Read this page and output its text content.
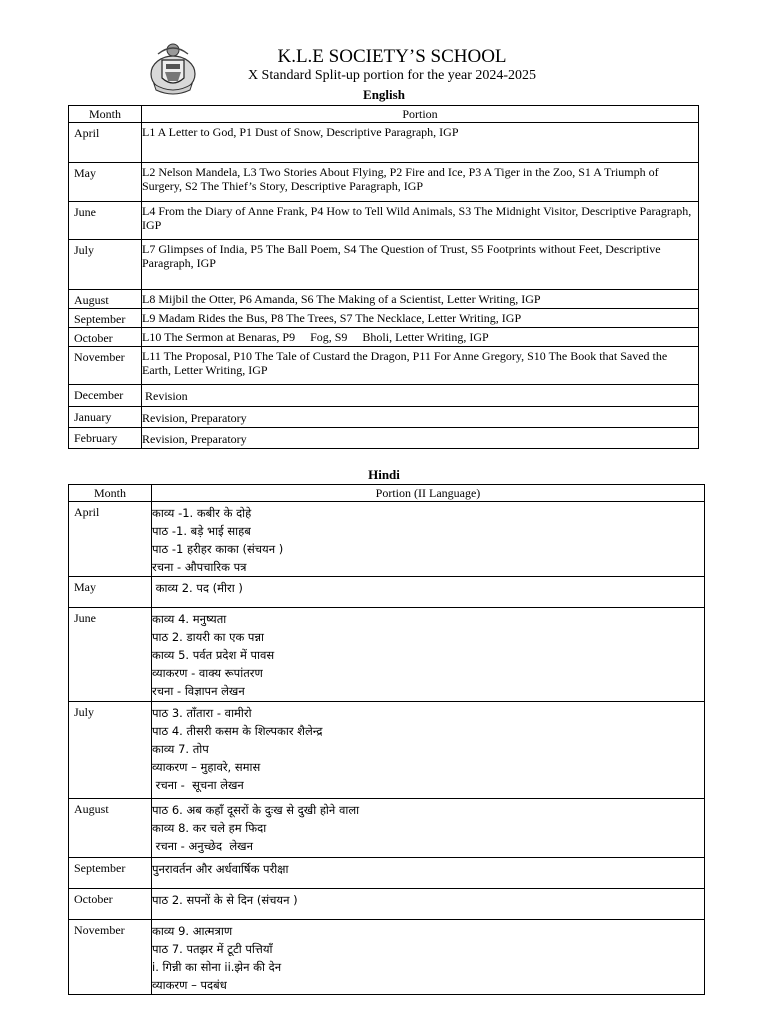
K.L.E SOCIETY’S SCHOOL
X Standard Split-up portion for the year 2024-2025
English
Month	Portion
April	L1 A Letter to God, P1 Dust of Snow, Descriptive Paragraph, IGP
May	L2 Nelson Mandela, L3 Two Stories About Flying, P2 Fire and Ice, P3 A Tiger in the Zoo, S1 A Triumph of Surgery, S2 The Thief’s Story, Descriptive Paragraph, IGP
June	L4 From the Diary of Anne Frank, P4 How to Tell Wild Animals, S3 The Midnight Visitor, Descriptive Paragraph, IGP
July	L7 Glimpses of India, P5 The Ball Poem, S4 The Question of Trust, S5 Footprints without Feet, Descriptive Paragraph, IGP
August	L8 Mijbil the Otter, P6 Amanda, S6 The Making of a Scientist, Letter Writing, IGP
September	L9 Madam Rides the Bus, P8 The Trees, S7 The Necklace, Letter Writing, IGP
October	L10 The Sermon at Benaras, P9     Fog, S9     Bholi, Letter Writing, IGP
November	L11 The Proposal, P10 The Tale of Custard the Dragon, P11 For Anne Gregory, S10 The Book that Saved the Earth, Letter Writing, IGP
December	Revision
January	Revision, Preparatory
February	Revision, Preparatory
Hindi
Month	Portion (II Language)
April	काव्य -1. कबीर के दोहे
पाठ -1. बड़े भाई साहब
पाठ -1 हरीहर काका (संचयन )
रचना - औपचारिक पत्र

May	काव्य 2. पद (मीरा )

June	काव्य 4. मनुष्यता
पाठ 2. डायरी का एक पन्ना
काव्य 5. पर्वत प्रदेश में पावस
व्याकरण - वाक्य रूपांतरण
रचना - विज्ञापन लेखन

July	पाठ 3. ताँतारा - वामीरो
पाठ 4. तीसरी कसम के शिल्पकार शैलेन्द्र
काव्य 7. तोप
व्याकरण – मुहावरे, समास
रचना -  सूचना लेखन

August	पाठ 6. अब कहाँ दूसरों के दुःख से दुखी होने वाला
काव्य 8. कर चले हम फिदा
रचना - अनुच्छेद  लेखन

September	पुनरावर्तन और अर्धवार्षिक परीक्षा

October	पाठ 2. सपनों के से दिन (संचयन )

November	काव्य 9. आत्मत्राण
पाठ 7. पतझर में टूटी पत्तियाँ
i. गिन्नी का सोना ii.झेन की देन
व्याकरण – पदबंध
